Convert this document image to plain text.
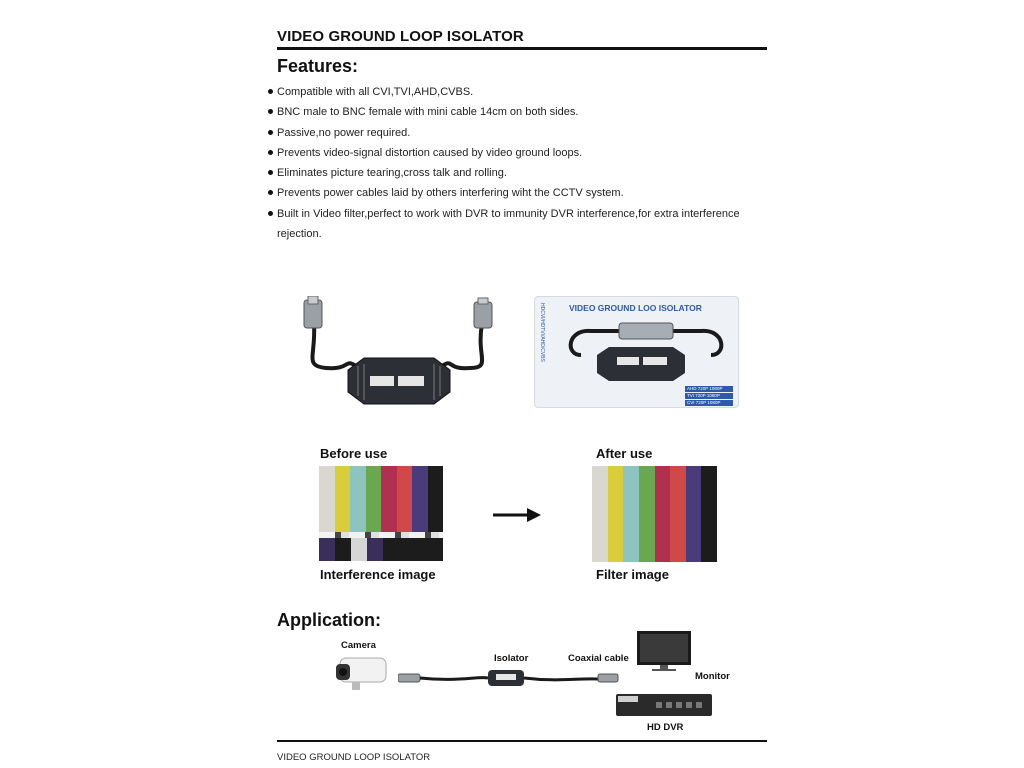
VIDEO GROUND LOOP ISOLATOR
Features:
Compatible with all CVI,TVI,AHD,CVBS.
BNC male to BNC female with mini cable 14cm on both sides.
Passive,no power required.
Prevents video-signal distortion caused by video ground loops.
Eliminates picture tearing,cross talk and rolling.
Prevents power cables laid by others interfering wiht the CCTV system.
Built in Video filter,perfect to work with DVR to immunity DVR interference,for extra interference
rejection.
VIDEO GROUND LOO ISOLATOR
HDCVI/HDTVI/AHD/CVBS
AHD 720P 1080P
TVI 720P 1080P
CVI 720P 1080P
Before use
Interference image
After use
Filter image
Application:
Camera
Isolator	Coaxial cable
Monitor
HD DVR
VIDEO GROUND LOOP ISOLATOR
